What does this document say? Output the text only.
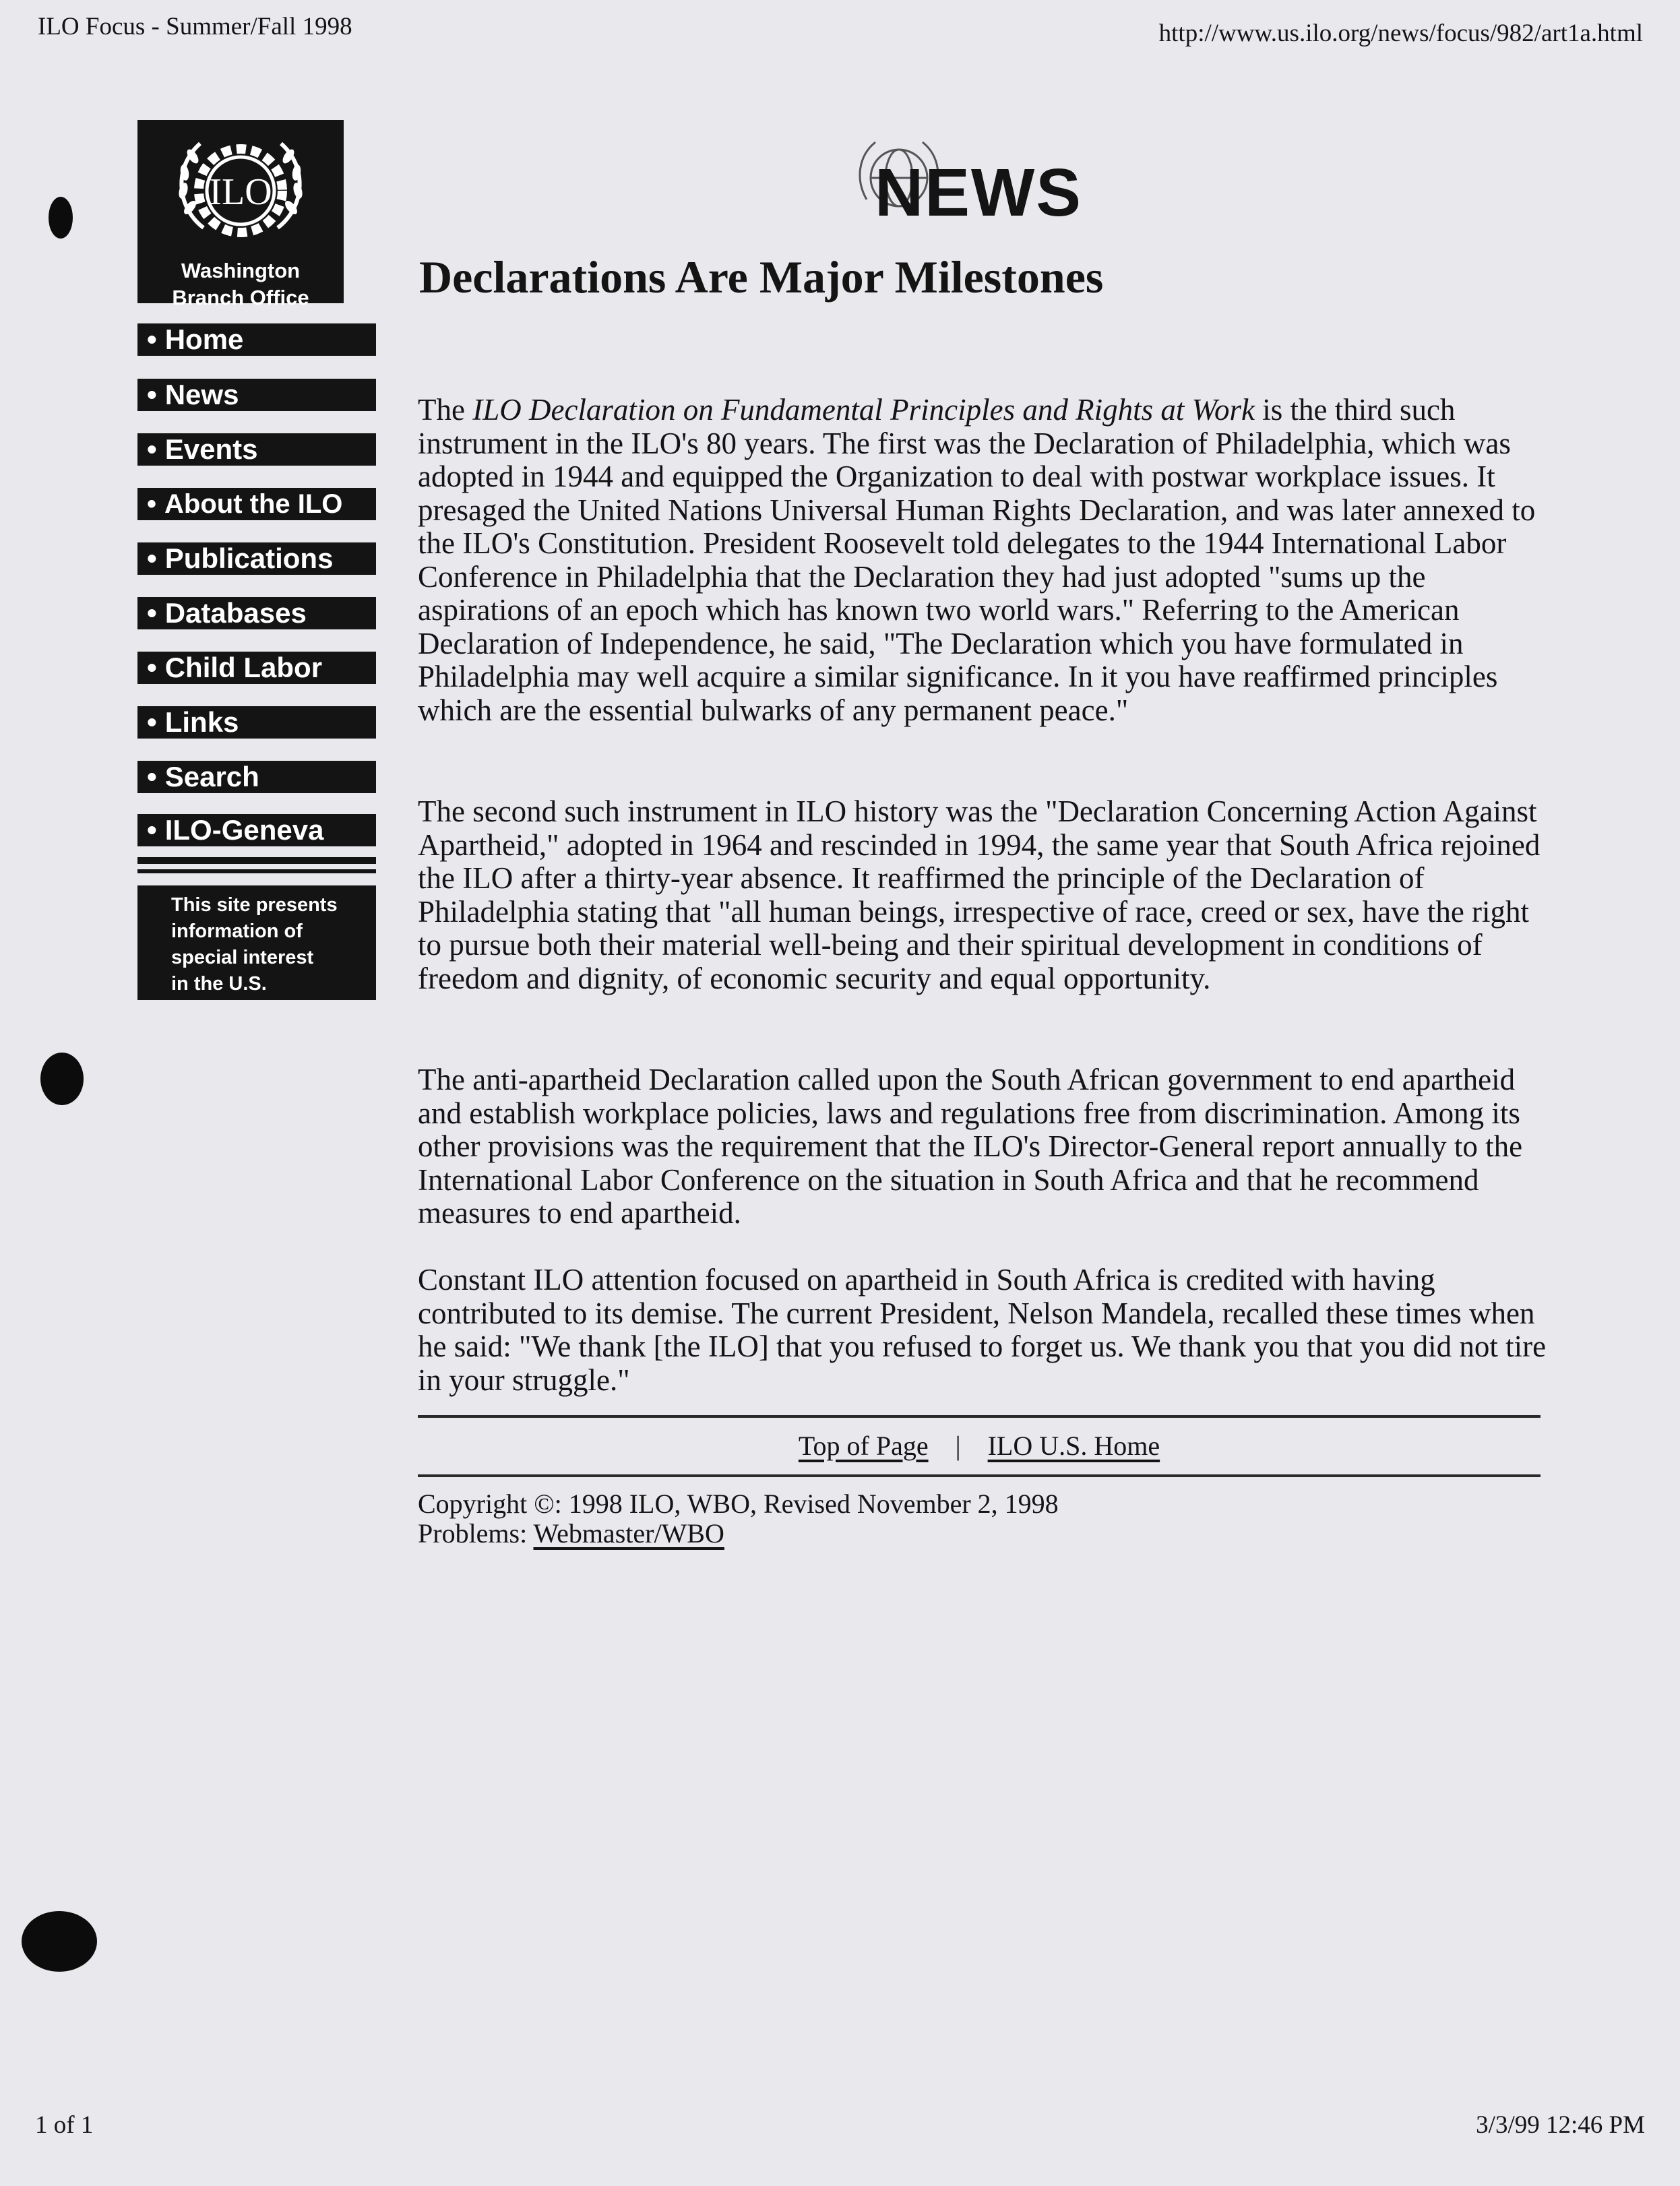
ILO Focus - Summer/Fall 1998	http://www.us.ilo.org/news/focus/982/art1a.html
1 of 1	3/3/99 12:46 PM
ILO
Washington
Branch Office
• Home
• News
• Events
• About the ILO
• Publications
• Databases
• Child Labor
• Links
• Search
• ILO-Geneva
This site presents
information of
special interest
in the U.S.
NEWS
Declarations Are Major Milestones

The ILO Declaration on Fundamental Principles and Rights at Work is the third such instrument in the ILO's 80 years. The first was the Declaration of Philadelphia, which was adopted in 1944 and equipped the Organization to deal with postwar workplace issues. It presaged the United Nations Universal Human Rights Declaration, and was later annexed to the ILO's Constitution. President Roosevelt told delegates to the 1944 International Labor Conference in Philadelphia that the Declaration they had just adopted "sums up the aspirations of an epoch which has known two world wars." Referring to the American Declaration of Independence, he said, "The Declaration which you have formulated in Philadelphia may well acquire a similar significance. In it you have reaffirmed principles which are the essential bulwarks of any permanent peace."

The second such instrument in ILO history was the "Declaration Concerning Action Against Apartheid," adopted in 1964 and rescinded in 1994, the same year that South Africa rejoined the ILO after a thirty-year absence. It reaffirmed the principle of the Declaration of Philadelphia stating that "all human beings, irrespective of race, creed or sex, have the right to pursue both their material well-being and their spiritual development in conditions of freedom and dignity, of economic security and equal opportunity.

The anti-apartheid Declaration called upon the South African government to end apartheid and establish workplace policies, laws and regulations free from discrimination. Among its other provisions was the requirement that the ILO's Director-General report annually to the International Labor Conference on the situation in South Africa and that he recommend measures to end apartheid.

Constant ILO attention focused on apartheid in South Africa is credited with having contributed to its demise. The current President, Nelson Mandela, recalled these times when he said: "We thank [the ILO] that you refused to forget us. We thank you that you did not tire in your struggle."

Top of Page | ILO U.S. Home
Copyright ©: 1998 ILO, WBO, Revised November 2, 1998
Problems: Webmaster/WBO
